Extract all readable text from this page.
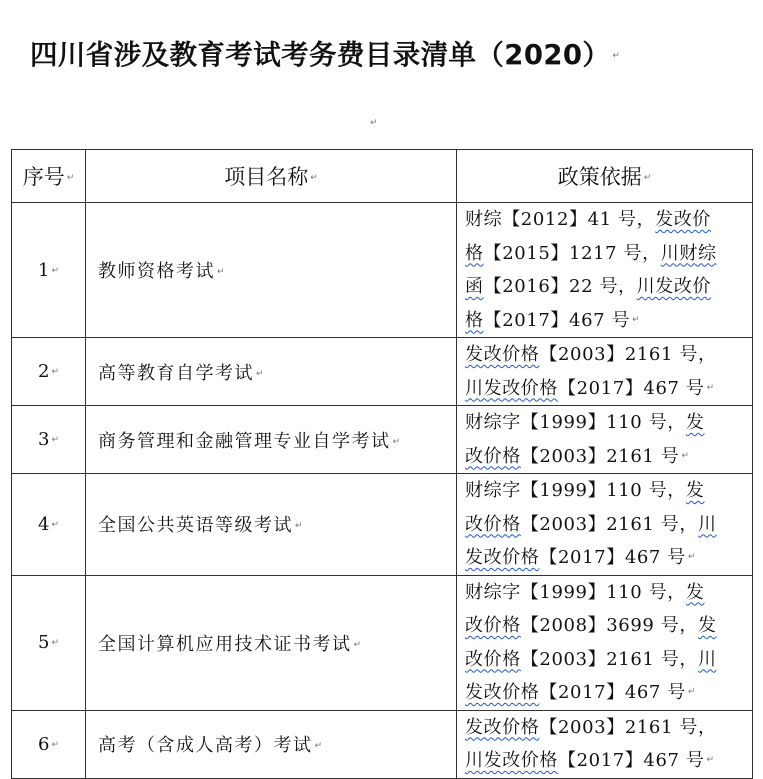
四川省涉及教育考试考务费目录清单（2020） ↵
↵
序号 ↵	项目名称 ↵	政策依据 ↵
1 ↵	教师资格考试 ↵	财综【2012】41 号，发改价
格【2015】1217 号，川财综
函【2016】22 号，川发改价
格【2017】467 号 ↵

2 ↵	高等教育自学考试 ↵	发改价格【2003】2161 号，
川发改价格【2017】467 号 ↵

3 ↵	商务管理和金融管理专业自学考试 ↵	财综字【1999】110 号，发
改价格【2003】2161 号 ↵

4 ↵	全国公共英语等级考试 ↵	财综字【1999】110 号，发
改价格【2003】2161 号，川
发改价格【2017】467 号 ↵

5 ↵	全国计算机应用技术证书考试 ↵	财综字【1999】110 号，发
改价格【2008】3699 号，发
改价格【2003】2161 号，川
发改价格【2017】467 号 ↵

6 ↵	高考（含成人高考）考试 ↵	发改价格【2003】2161 号，
川发改价格【2017】467 号 ↵
